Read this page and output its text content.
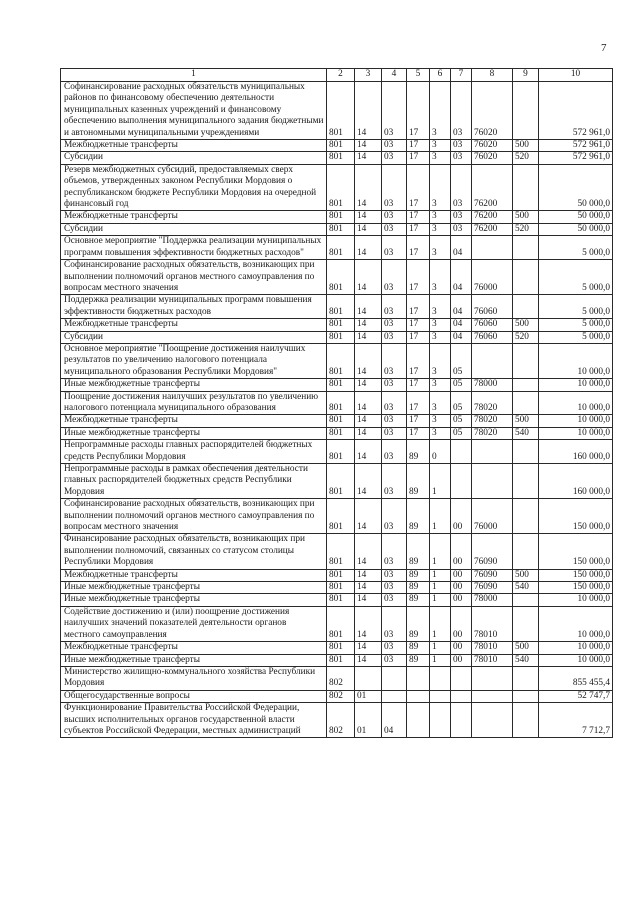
7
1	2	3	4	5	6	7	8	9	10
Софинансирование расходных обязательств муниципальных районов по финансовому обеспечению деятельности муниципальных казенных учреждений и финансовому обеспечению выполнения муниципального задания бюджетными и автономными муниципальными учреждениями	801	14	03	17	3	03	76020		572 961,0
Межбюджетные трансферты	801	14	03	17	3	03	76020	500	572 961,0
Субсидии	801	14	03	17	3	03	76020	520	572 961,0
Резерв межбюджетных субсидий, предоставляемых сверх объемов, утвержденных законом Республики Мордовия о республиканском бюджете Республики Мордовия на очередной финансовый год	801	14	03	17	3	03	76200		50 000,0
Межбюджетные трансферты	801	14	03	17	3	03	76200	500	50 000,0
Субсидии	801	14	03	17	3	03	76200	520	50 000,0
Основное мероприятие "Поддержка реализации муниципальных программ повышения эффективности бюджетных расходов"	801	14	03	17	3	04			5 000,0
Софинансирование расходных обязательств, возникающих при выполнении полномочий органов местного самоуправления по вопросам местного значения	801	14	03	17	3	04	76000		5 000,0
Поддержка реализации муниципальных программ повышения эффективности бюджетных расходов	801	14	03	17	3	04	76060		5 000,0
Межбюджетные трансферты	801	14	03	17	3	04	76060	500	5 000,0
Субсидии	801	14	03	17	3	04	76060	520	5 000,0
Основное мероприятие "Поощрение достижения наилучших результатов по увеличению налогового потенциала муниципального образования Республики Мордовия"	801	14	03	17	3	05			10 000,0
Иные межбюджетные трансферты	801	14	03	17	3	05	78000		10 000,0
Поощрение достижения наилучших результатов по увеличению налогового потенциала муниципального образования	801	14	03	17	3	05	78020		10 000,0
Межбюджетные трансферты	801	14	03	17	3	05	78020	500	10 000,0
Иные межбюджетные трансферты	801	14	03	17	3	05	78020	540	10 000,0
Непрограммные расходы главных распорядителей бюджетных средств Республики Мордовия	801	14	03	89	0				160 000,0
Непрограммные расходы в рамках обеспечения деятельности главных распорядителей бюджетных средств Республики Мордовия	801	14	03	89	1				160 000,0
Софинансирование расходных обязательств, возникающих при выполнении полномочий органов местного самоуправления по вопросам местного значения	801	14	03	89	1	00	76000		150 000,0
Финансирование расходных обязательств, возникающих при выполнении полномочий, связанных со статусом столицы Республики Мордовия	801	14	03	89	1	00	76090		150 000,0
Межбюджетные трансферты	801	14	03	89	1	00	76090	500	150 000,0
Иные межбюджетные трансферты	801	14	03	89	1	00	76090	540	150 000,0
Иные межбюджетные трансферты	801	14	03	89	1	00	78000		10 000,0
Содействие достижению и (или) поощрение достижения наилучших значений показателей деятельности органов местного самоуправления	801	14	03	89	1	00	78010		10 000,0
Межбюджетные трансферты	801	14	03	89	1	00	78010	500	10 000,0
Иные межбюджетные трансферты	801	14	03	89	1	00	78010	540	10 000,0
Министерство жилищно-коммунального хозяйства Республики Мордовия	802								855 455,4
Общегосударственные вопросы	802	01							52 747,7
Функционирование Правительства Российской Федерации, высших исполнительных органов государственной власти субъектов Российской Федерации, местных администраций	802	01	04						7 712,7
